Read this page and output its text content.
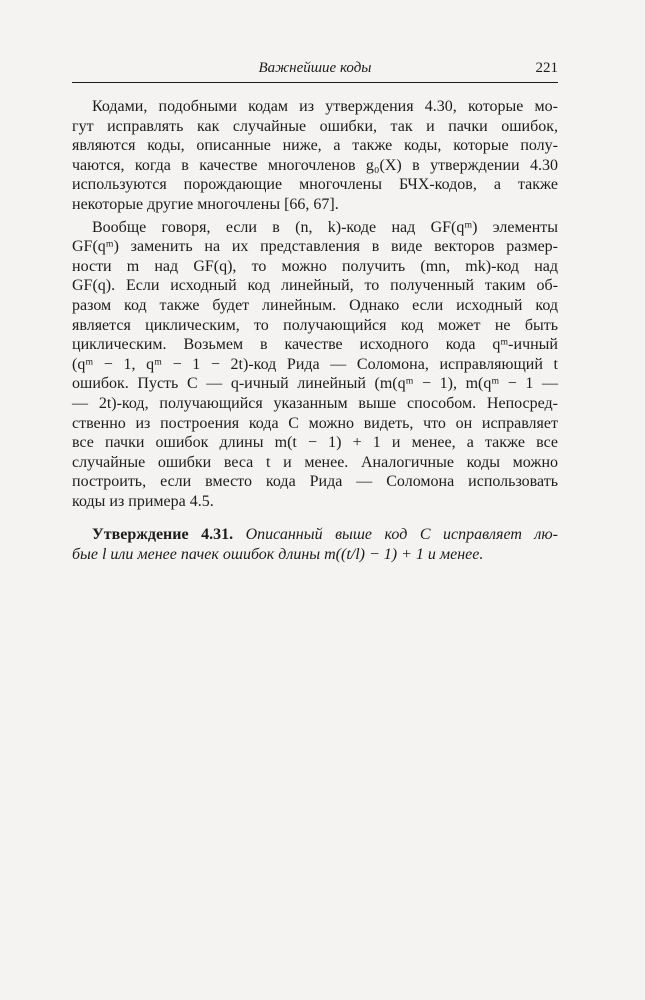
Важнейшие коды	221
Кодами, подобными кодам из утверждения 4.30, которые мо-
гут исправлять как случайные ошибки, так и пачки ошибок,
являются коды, описанные ниже, а также коды, которые полу-
чаются, когда в качестве многочленов g₀(X) в утверждении 4.30
используются порождающие многочлены БЧХ-кодов, а также
некоторые другие многочлены [66, 67].
Вообще говоря, если в (n, k)-коде над GF(qᵐ) элементы
GF(qᵐ) заменить на их представления в виде векторов размер-
ности m над GF(q), то можно получить (mn, mk)-код над
GF(q). Если исходный код линейный, то полученный таким об-
разом код также будет линейным. Однако если исходный код
является циклическим, то получающийся код может не быть
циклическим. Возьмем в качестве исходного кода qᵐ-ичный
(qᵐ − 1, qᵐ − 1 − 2t)-код Рида — Соломона, исправляющий t
ошибок. Пусть C — q-ичный линейный (m(qᵐ − 1), m(qᵐ − 1 —
— 2t)-код, получающийся указанным выше способом. Непосред-
ственно из построения кода C можно видеть, что он исправляет
все пачки ошибок длины m(t − 1) + 1 и менее, а также все
случайные ошибки веса t и менее. Аналогичные коды можно
построить, если вместо кода Рида — Соломона использовать
коды из примера 4.5.
Утверждение 4.31. Описанный выше код C исправляет лю-
бые l или менее пачек ошибок длины m((t/l) − 1) + 1 и менее.
